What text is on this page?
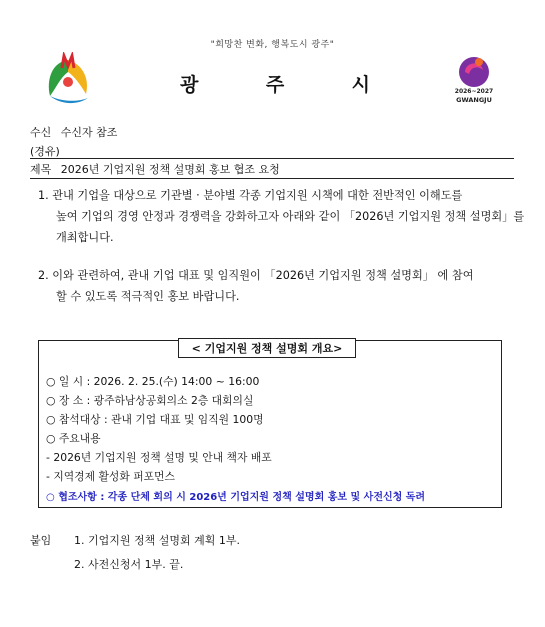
"희망찬 변화, 행복도시 광주"
광	주	시	2026~2027
GWANGJU
수신 수신자 참조
(경유)
제목 2026년 기업지원 정책 설명회 홍보 협조 요청
1. 관내 기업을 대상으로 기관별 · 분야별 각종 기업지원 시책에 대한 전반적인 이해도를
높여 기업의 경영 안정과 경쟁력을 강화하고자 아래와 같이 「2026년 기업지원 정책 설명회」를
개최합니다.
2. 이와 관련하여, 관내 기업 대표 및 임직원이 「2026년 기업지원 정책 설명회」 에 참여
할 수 있도록 적극적인 홍보 바랍니다.
< 기업지원 정책 설명회 개요>
○ 일 시 : 2026. 2. 25.(수) 14:00 ~ 16:00
○ 장 소 : 광주하남상공회의소 2층 대회의실
○ 참석대상 : 관내 기업 대표 및 임직원 100명
○ 주요내용
- 2026년 기업지원 정책 설명 및 안내 책자 배포
- 지역경제 활성화 퍼포먼스
○ 협조사항 : 각종 단체 회의 시 2026년 기업지원 정책 설명회 홍보 및 사전신청 독려
붙임 1. 기업지원 정책 설명회 계획 1부.
2. 사전신청서 1부. 끝.
